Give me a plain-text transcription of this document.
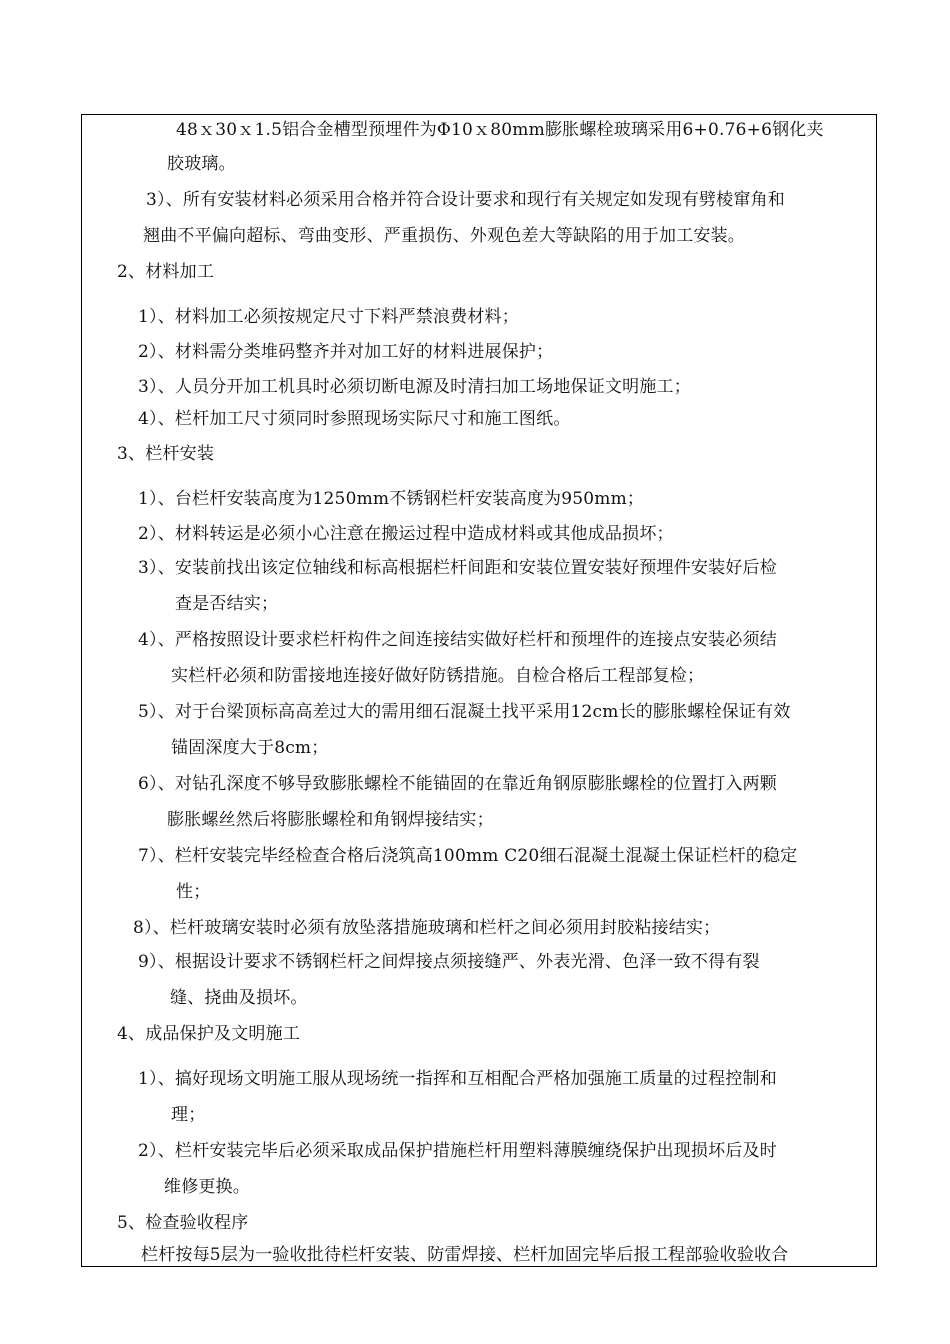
48ｘ30ｘ1.5铝合金槽型预埋件为Φ10ｘ80mm膨胀螺栓玻璃采用6+0.76+6钢化夹
胶玻璃。
3）、所有安装材料必须采用合格并符合设计要求和现行有关规定如发现有劈棱窜角和
翘曲不平偏向超标、弯曲变形、严重损伤、外观色差大等缺陷的用于加工安装。
2、材料加工
1）、材料加工必须按规定尺寸下料严禁浪费材料；
2）、材料需分类堆码整齐并对加工好的材料进展保护；
3）、人员分开加工机具时必须切断电源及时清扫加工场地保证文明施工；
4）、栏杆加工尺寸须同时参照现场实际尺寸和施工图纸。
3、栏杆安装
1）、台栏杆安装高度为1250mm不锈钢栏杆安装高度为950mm；
2）、材料转运是必须小心注意在搬运过程中造成材料或其他成品损坏；
3）、安装前找出该定位轴线和标高根据栏杆间距和安装位置安装好预埋件安装好后检
查是否结实；
4）、严格按照设计要求栏杆构件之间连接结实做好栏杆和预埋件的连接点安装必须结
实栏杆必须和防雷接地连接好做好防锈措施。自检合格后工程部复检；
5）、对于台梁顶标高高差过大的需用细石混凝土找平采用12cm长的膨胀螺栓保证有效
锚固深度大于8cm；
6）、对钻孔深度不够导致膨胀螺栓不能锚固的在靠近角钢原膨胀螺栓的位置打入两颗
膨胀螺丝然后将膨胀螺栓和角钢焊接结实；
7）、栏杆安装完毕经检查合格后浇筑高100mm C20细石混凝土混凝土保证栏杆的稳定
性；
8）、栏杆玻璃安装时必须有放坠落措施玻璃和栏杆之间必须用封胶粘接结实；
9）、根据设计要求不锈钢栏杆之间焊接点须接缝严、外表光滑、色泽一致不得有裂
缝、挠曲及损坏。
4、成品保护及文明施工
1）、搞好现场文明施工服从现场统一指挥和互相配合严格加强施工质量的过程控制和
理；
2）、栏杆安装完毕后必须采取成品保护措施栏杆用塑料薄膜缠绕保护出现损坏后及时
维修更换。
5、检查验收程序
栏杆按每5层为一验收批待栏杆安装、防雷焊接、栏杆加固完毕后报工程部验收验收合
